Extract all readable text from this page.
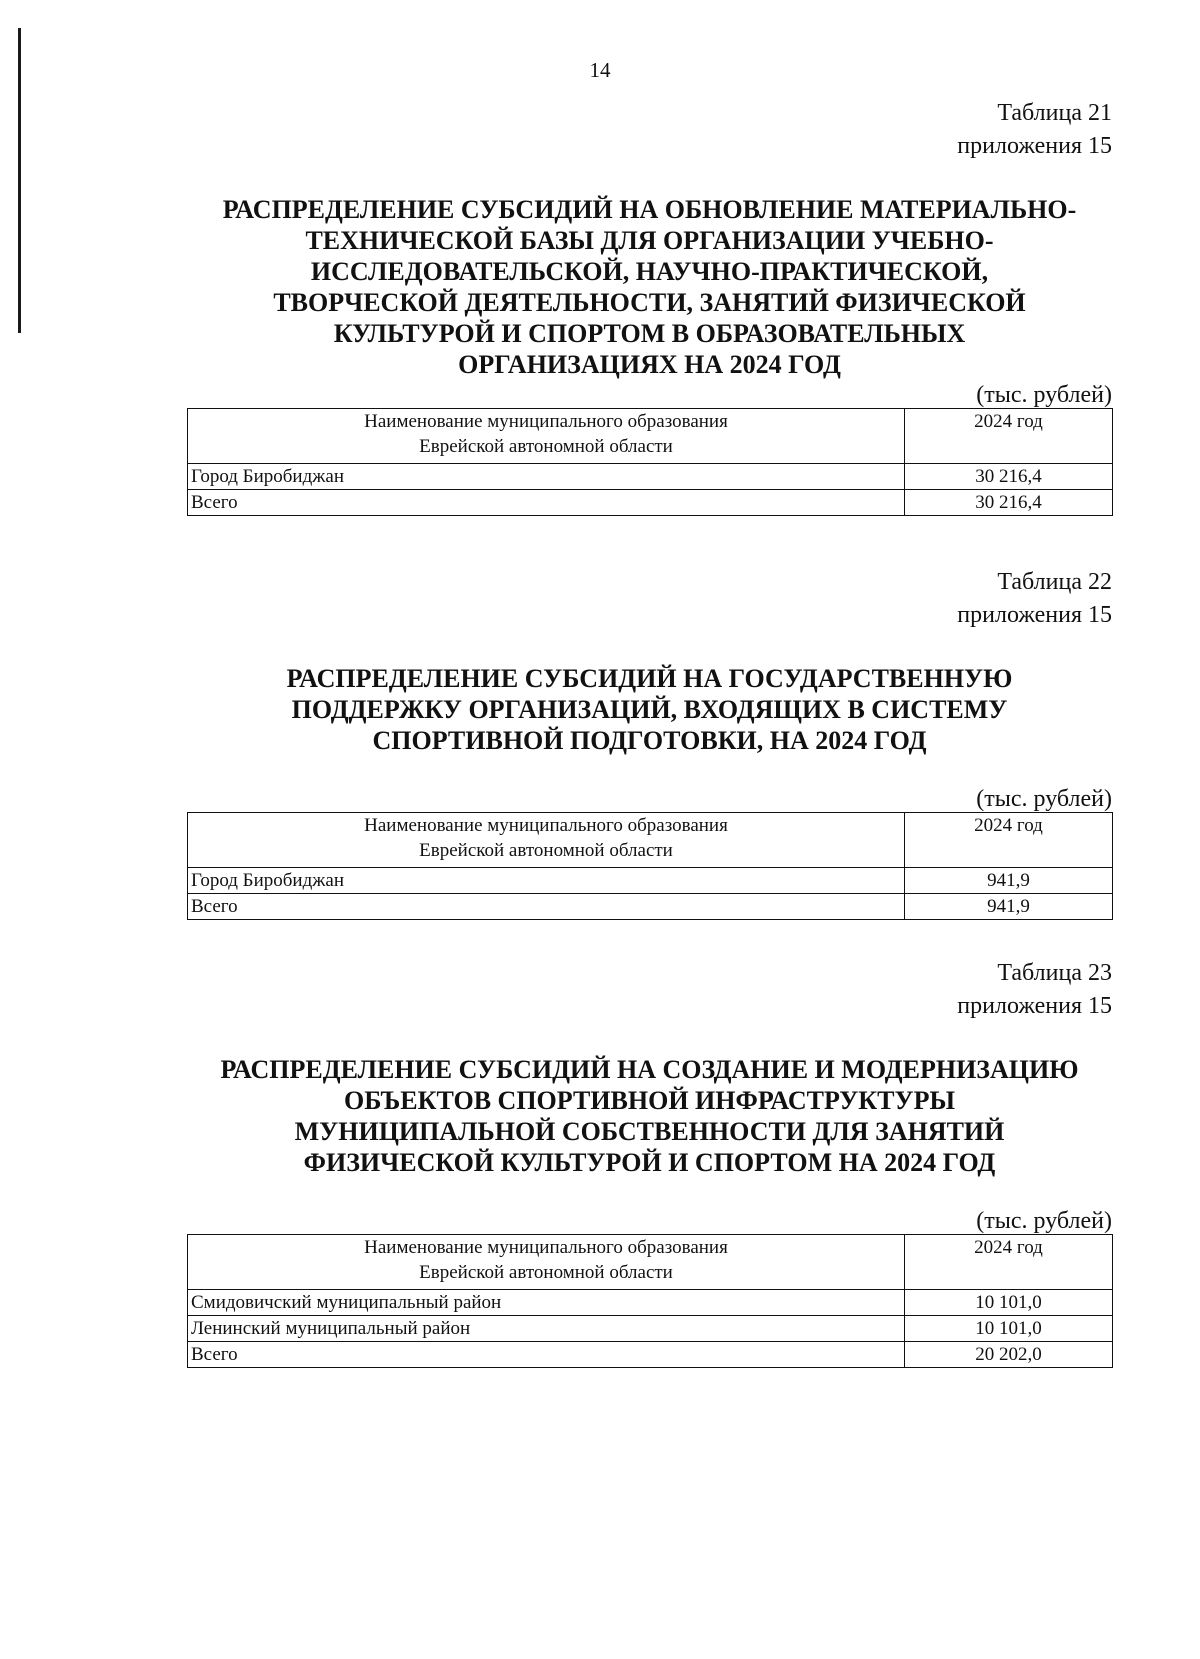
14
Таблица 21
приложения 15
РАСПРЕДЕЛЕНИЕ СУБСИДИЙ НА ОБНОВЛЕНИЕ МАТЕРИАЛЬНО-
ТЕХНИЧЕСКОЙ БАЗЫ ДЛЯ ОРГАНИЗАЦИИ УЧЕБНО-
ИССЛЕДОВАТЕЛЬСКОЙ, НАУЧНО-ПРАКТИЧЕСКОЙ,
ТВОРЧЕСКОЙ ДЕЯТЕЛЬНОСТИ, ЗАНЯТИЙ ФИЗИЧЕСКОЙ
КУЛЬТУРОЙ И СПОРТОМ В ОБРАЗОВАТЕЛЬНЫХ
ОРГАНИЗАЦИЯХ НА 2024 ГОД
(тыс. рублей)
Наименование муниципального образования
Еврейской автономной области	2024 год
Город Биробиджан	30 216,4
Всего	30 216,4
Таблица 22
приложения 15
РАСПРЕДЕЛЕНИЕ СУБСИДИЙ НА ГОСУДАРСТВЕННУЮ
ПОДДЕРЖКУ ОРГАНИЗАЦИЙ, ВХОДЯЩИХ В СИСТЕМУ
СПОРТИВНОЙ ПОДГОТОВКИ, НА 2024 ГОД
(тыс. рублей)
Наименование муниципального образования
Еврейской автономной области	2024 год
Город Биробиджан	941,9
Всего	941,9
Таблица 23
приложения 15
РАСПРЕДЕЛЕНИЕ СУБСИДИЙ НА СОЗДАНИЕ И МОДЕРНИЗАЦИЮ
ОБЪЕКТОВ СПОРТИВНОЙ ИНФРАСТРУКТУРЫ
МУНИЦИПАЛЬНОЙ СОБСТВЕННОСТИ ДЛЯ ЗАНЯТИЙ
ФИЗИЧЕСКОЙ КУЛЬТУРОЙ И СПОРТОМ НА 2024 ГОД
(тыс. рублей)
Наименование муниципального образования
Еврейской автономной области	2024 год
Смидовичский муниципальный район	10 101,0
Ленинский муниципальный район	10 101,0
Всего	20 202,0
